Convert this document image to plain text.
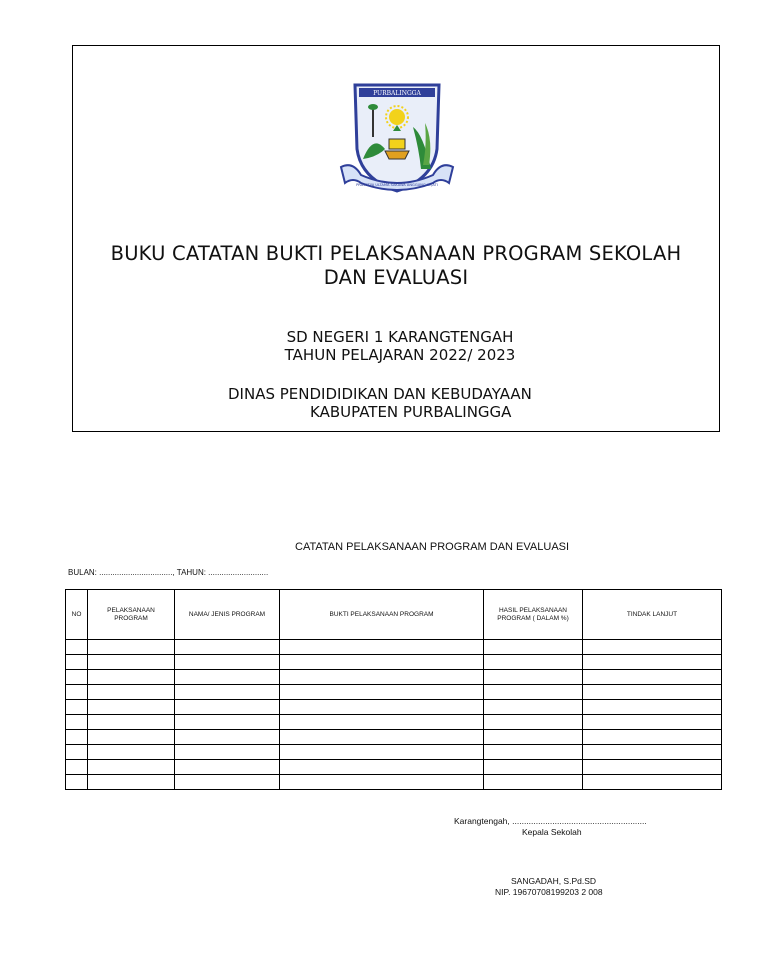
PURBALINGGA
PRASETYA ULTAMA SAKAWA ANGGUNG SEJATI
BUKU CATATAN BUKTI PELAKSANAAN PROGRAM SEKOLAH
DAN EVALUASI
SD NEGERI 1 KARANGTENGAH
TAHUN PELAJARAN 2022/ 2023
DINAS PENDIDIDIKAN DAN KEBUDAYAAN
KABUPATEN PURBALINGGA
CATATAN PELAKSANAAN PROGRAM DAN EVALUASI
BULAN: ................................., TAHUN: ...........................
NO	PELAKSANAAN PROGRAM	NAMA/ JENIS PROGRAM	BUKTI PELAKSANAAN PROGRAM	HASIL PELAKSANAAN PROGRAM ( DALAM %)	TINDAK LANJUT

Karangtengah, .........................................................
Kepala Sekolah
SANGADAH, S.Pd.SD
NIP. 19670708199203 2 008
